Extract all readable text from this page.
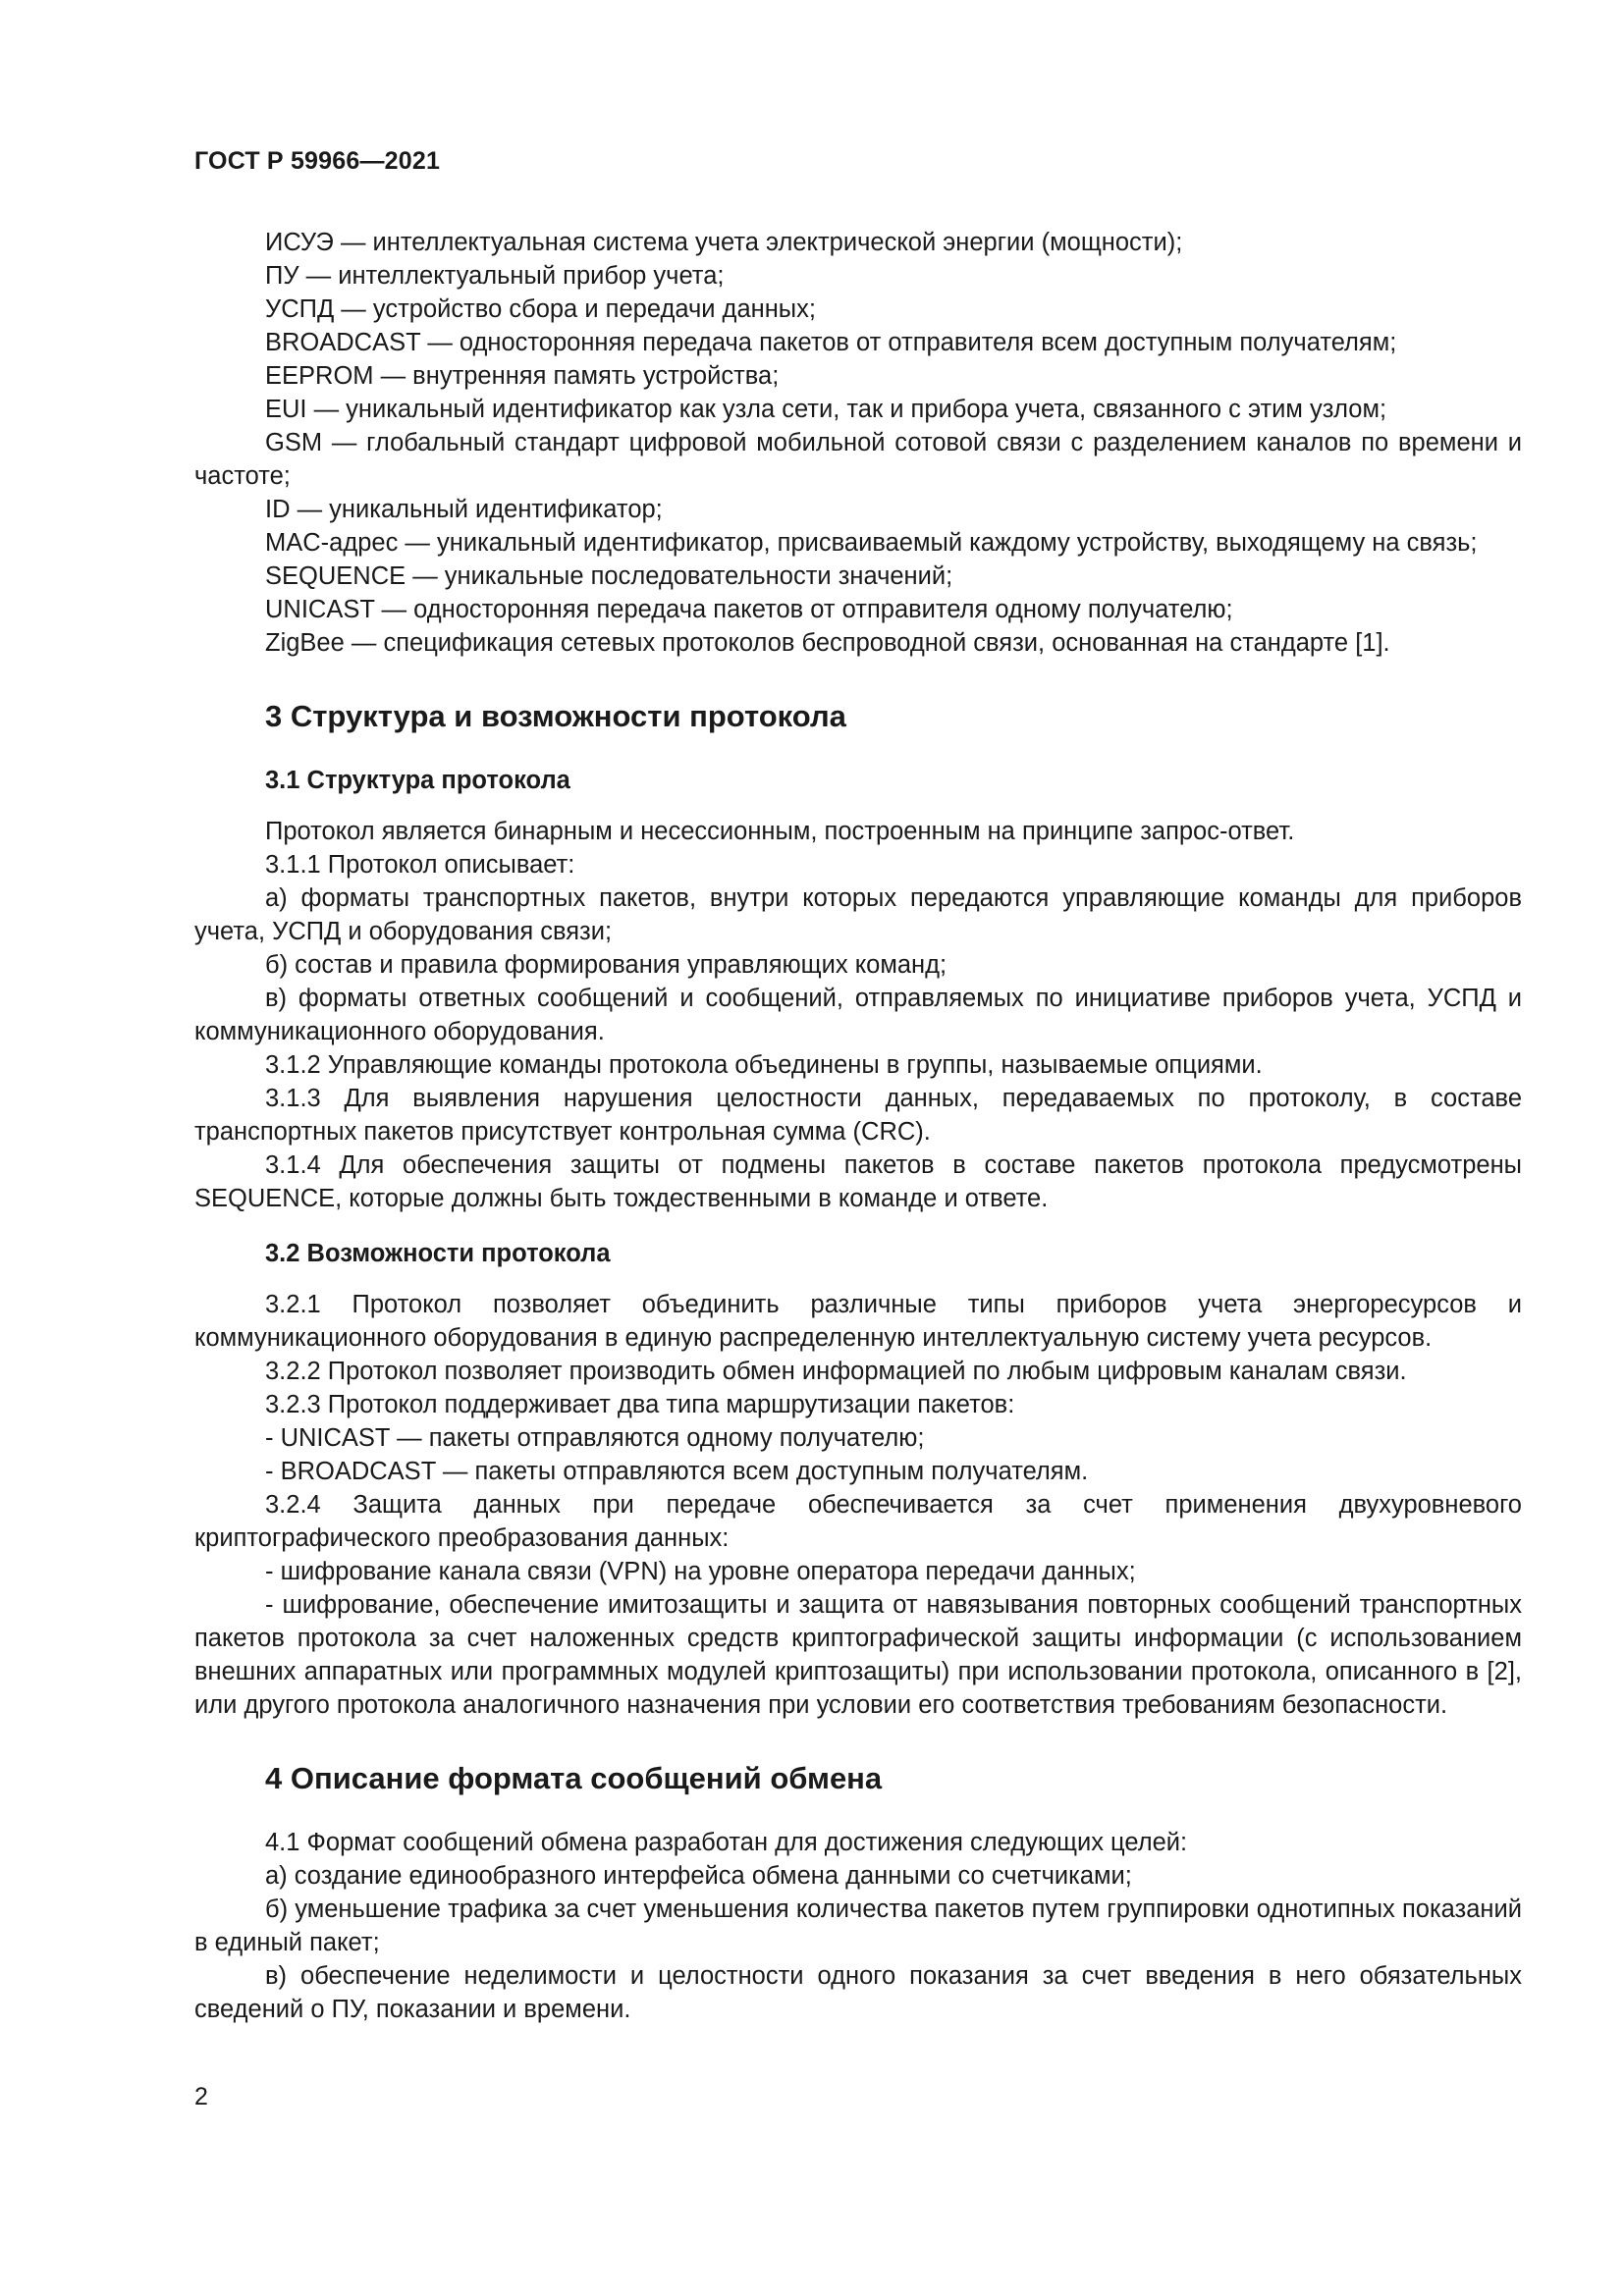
ГОСТ Р 59966—2021

ИСУЭ — интеллектуальная система учета электрической энергии (мощности);

ПУ — интеллектуальный прибор учета;

УСПД — устройство сбора и передачи данных;

BROADCAST — односторонняя передача пакетов от отправителя всем доступным получателям;

EEPROM — внутренняя память устройства;

EUI — уникальный идентификатор как узла сети, так и прибора учета, связанного с этим узлом;

GSM — глобальный стандарт цифровой мобильной сотовой связи с разделением каналов по времени и частоте;

ID — уникальный идентификатор;

MAC-адрес — уникальный идентификатор, присваиваемый каждому устройству, выходящему на связь;

SEQUENCE — уникальные последовательности значений;

UNICAST — односторонняя передача пакетов от отправителя одному получателю;

ZigBee — спецификация сетевых протоколов беспроводной связи, основанная на стандарте [1].

3 Структура и возможности протокола
3.1 Структура протокола

Протокол является бинарным и несессионным, построенным на принципе запрос-ответ.

3.1.1 Протокол описывает:

а) форматы транспортных пакетов, внутри которых передаются управляющие команды для приборов учета, УСПД и оборудования связи;

б) состав и правила формирования управляющих команд;

в) форматы ответных сообщений и сообщений, отправляемых по инициативе приборов учета, УСПД и коммуникационного оборудования.

3.1.2 Управляющие команды протокола объединены в группы, называемые опциями.

3.1.3 Для выявления нарушения целостности данных, передаваемых по протоколу, в составе транспортных пакетов присутствует контрольная сумма (CRC).

3.1.4 Для обеспечения защиты от подмены пакетов в составе пакетов протокола предусмотрены SEQUENCE, которые должны быть тождественными в команде и ответе.

3.2 Возможности протокола

3.2.1 Протокол позволяет объединить различные типы приборов учета энергоресурсов и коммуникационного оборудования в единую распределенную интеллектуальную систему учета ресурсов.

3.2.2 Протокол позволяет производить обмен информацией по любым цифровым каналам связи.

3.2.3 Протокол поддерживает два типа маршрутизации пакетов:

- UNICAST — пакеты отправляются одному получателю;

- BROADCAST — пакеты отправляются всем доступным получателям.

3.2.4 Защита данных при передаче обеспечивается за счет применения двухуровневого криптографического преобразования данных:

- шифрование канала связи (VPN) на уровне оператора передачи данных;

- шифрование, обеспечение имитозащиты и защита от навязывания повторных сообщений транспортных пакетов протокола за счет наложенных средств криптографической защиты информации (с использованием внешних аппаратных или программных модулей криптозащиты) при использовании протокола, описанного в [2], или другого протокола аналогичного назначения при условии его соответствия требованиям безопасности.

4 Описание формата сообщений обмена

4.1 Формат сообщений обмена разработан для достижения следующих целей:

а) создание единообразного интерфейса обмена данными со счетчиками;

б) уменьшение трафика за счет уменьшения количества пакетов путем группировки однотипных показаний в единый пакет;

в) обеспечение неделимости и целостности одного показания за счет введения в него обязательных сведений о ПУ, показании и времени.

2
